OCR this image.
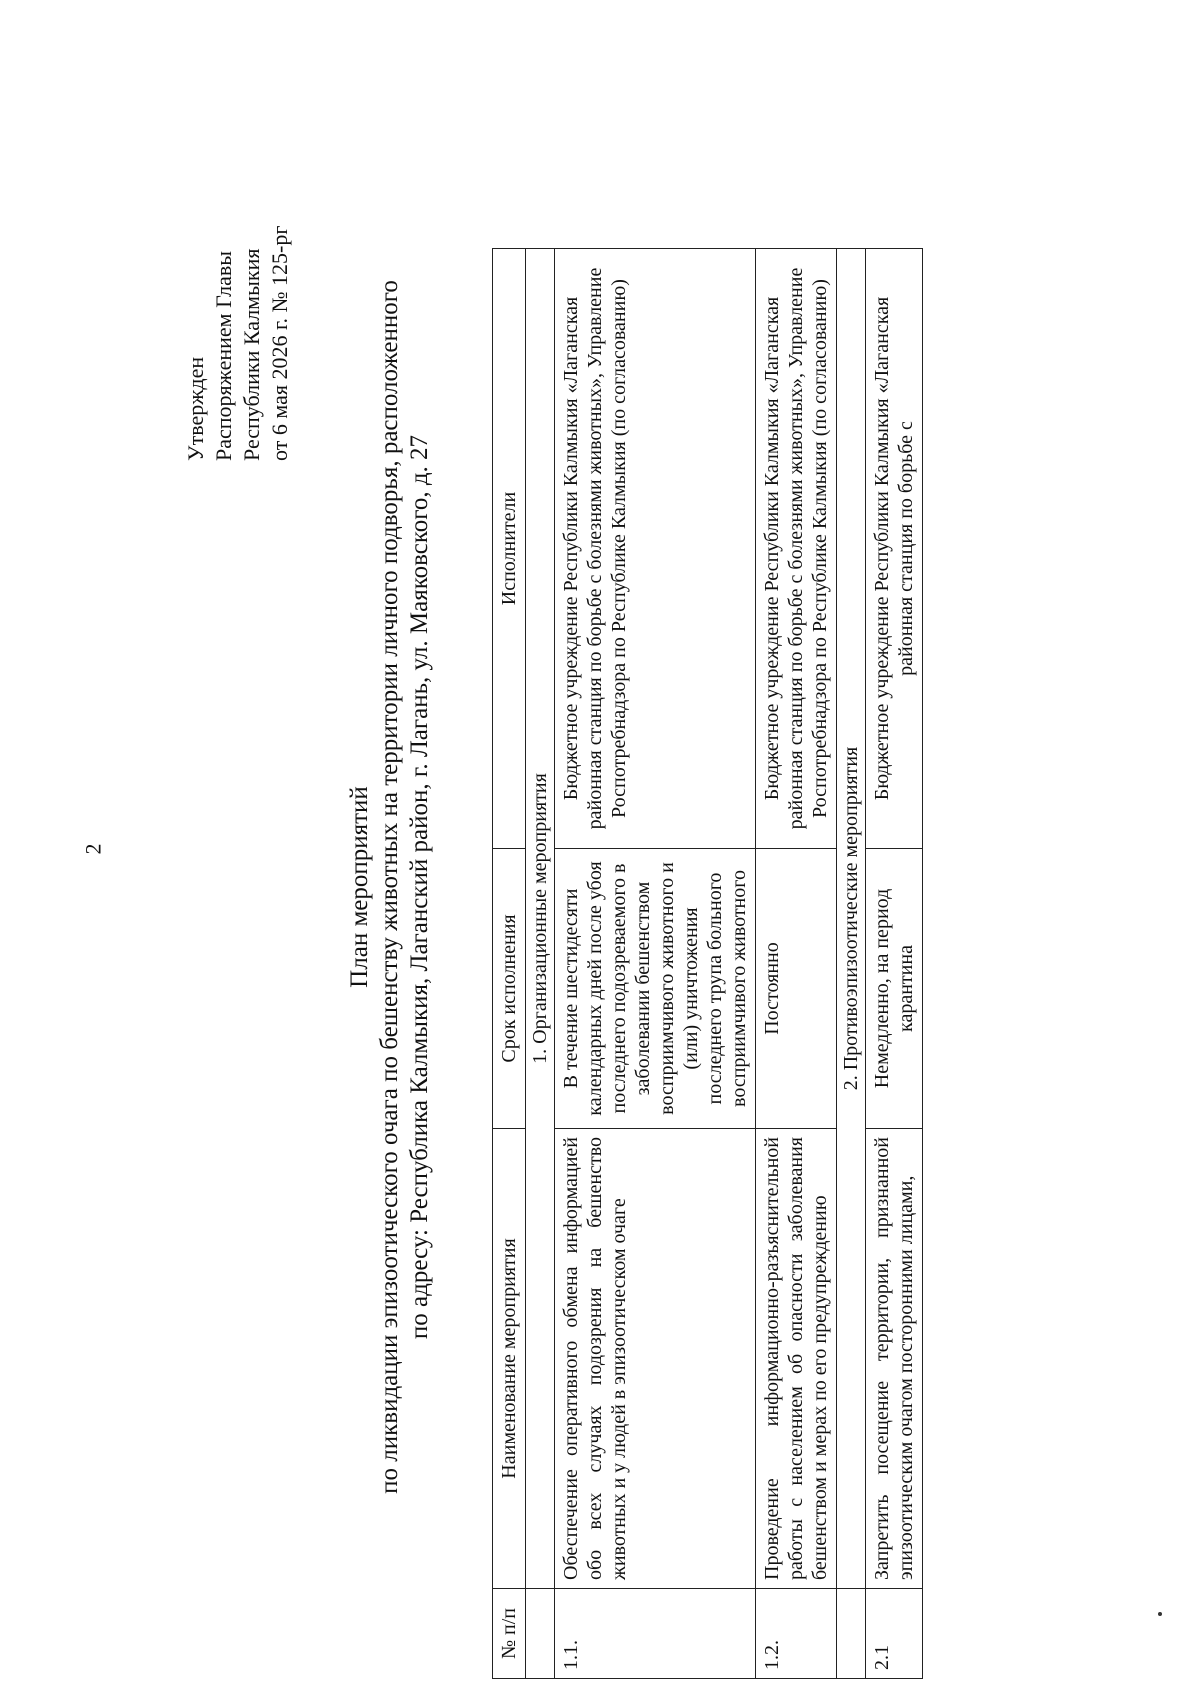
2
Утвержден Распоряжением Главы Республики Калмыкия от 6 мая 2026 г. № 125-рг
План мероприятий по ликвидации эпизоотического очага по бешенству животных на территории личного подворья, расположенного по адресу: Республика Калмыкия, Лаганский район, г. Лагань, ул. Маяковского, д. 27
№ п/п	Наименование мероприятия	Срок исполнения	Исполнители
	1. Организационные мероприятия		
1.1.	Обеспечение оперативного обмена информацией обо всех случаях подозрения на бешенство животных и у людей в эпизоотическом очаге	В течение шестидесяти календарных дней после убоя последнего подозреваемого в заболевании бешенством восприимчивого животного и (или) уничтожения последнего трупа больного восприимчивого животного	Бюджетное учреждение Республики Калмыкия «Лаганская районная станция по борьбе с болезнями животных», Управление Роспотребнадзора по Республике Калмыкия (по согласованию)
1.2.	Проведение информационно-разъяснительной работы с населением об опасности заболевания бешенством и мерах по его предупреждению	Постоянно	Бюджетное учреждение Республики Калмыкия «Лаганская районная станция по борьбе с болезнями животных», Управление Роспотребнадзора по Республике Калмыкия (по согласованию)
	2. Противоэпизоотические мероприятия		
2.1	Запретить посещение территории, признанной эпизоотическим очагом посторонними лицами,	Немедленно, на период карантина	Бюджетное учреждение Республики Калмыкия «Лаганская районная станция по борьбе с
